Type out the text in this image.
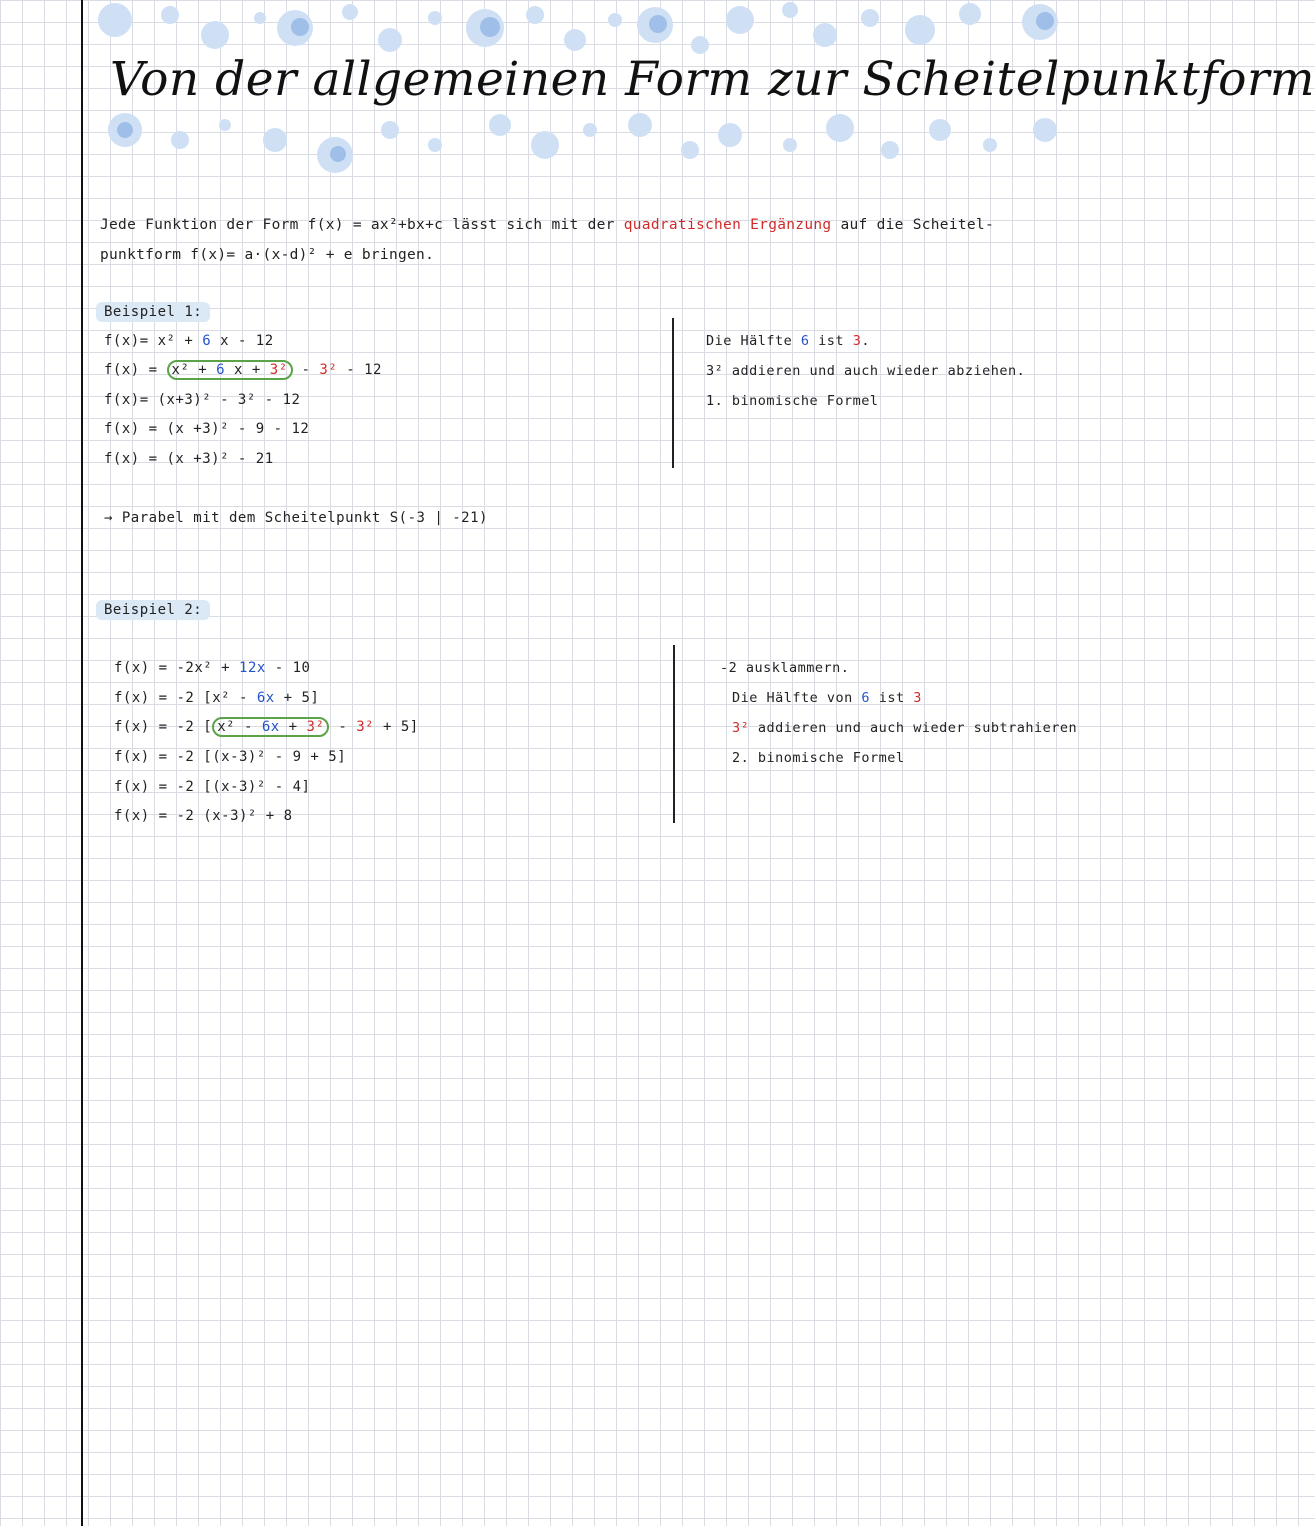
Von der allgemeinen Form zur Scheitelpunktform
Jede Funktion der Form f(x) = ax²+bx+c lässt sich mit der quadratischen Ergänzung auf die Scheitel-
punktform f(x)= a·(x-d)² + e bringen.
Beispiel 1:
f(x)= x² + 6 x - 12
f(x) = x² + 6 x + 3² - 3² - 12
f(x)= (x+3)² - 3² - 12
f(x) = (x +3)² - 9 - 12
f(x) = (x +3)² - 21
Die Hälfte 6 ist 3.
3² addieren und auch wieder abziehen.
1. binomische Formel
→ Parabel mit dem Scheitelpunkt S(-3 | -21)
Beispiel 2:
f(x) = -2x² + 12x - 10
f(x) = -2 [x² - 6x + 5]
f(x) = -2 [ x² - 6x + 3² - 3² + 5]
f(x) = -2 [(x-3)² - 9 + 5]
f(x) = -2 [(x-3)² - 4]
f(x) = -2 (x-3)² + 8
-2 ausklammern.
Die Hälfte von 6 ist 3
3² addieren und auch wieder subtrahieren
2. binomische Formel
